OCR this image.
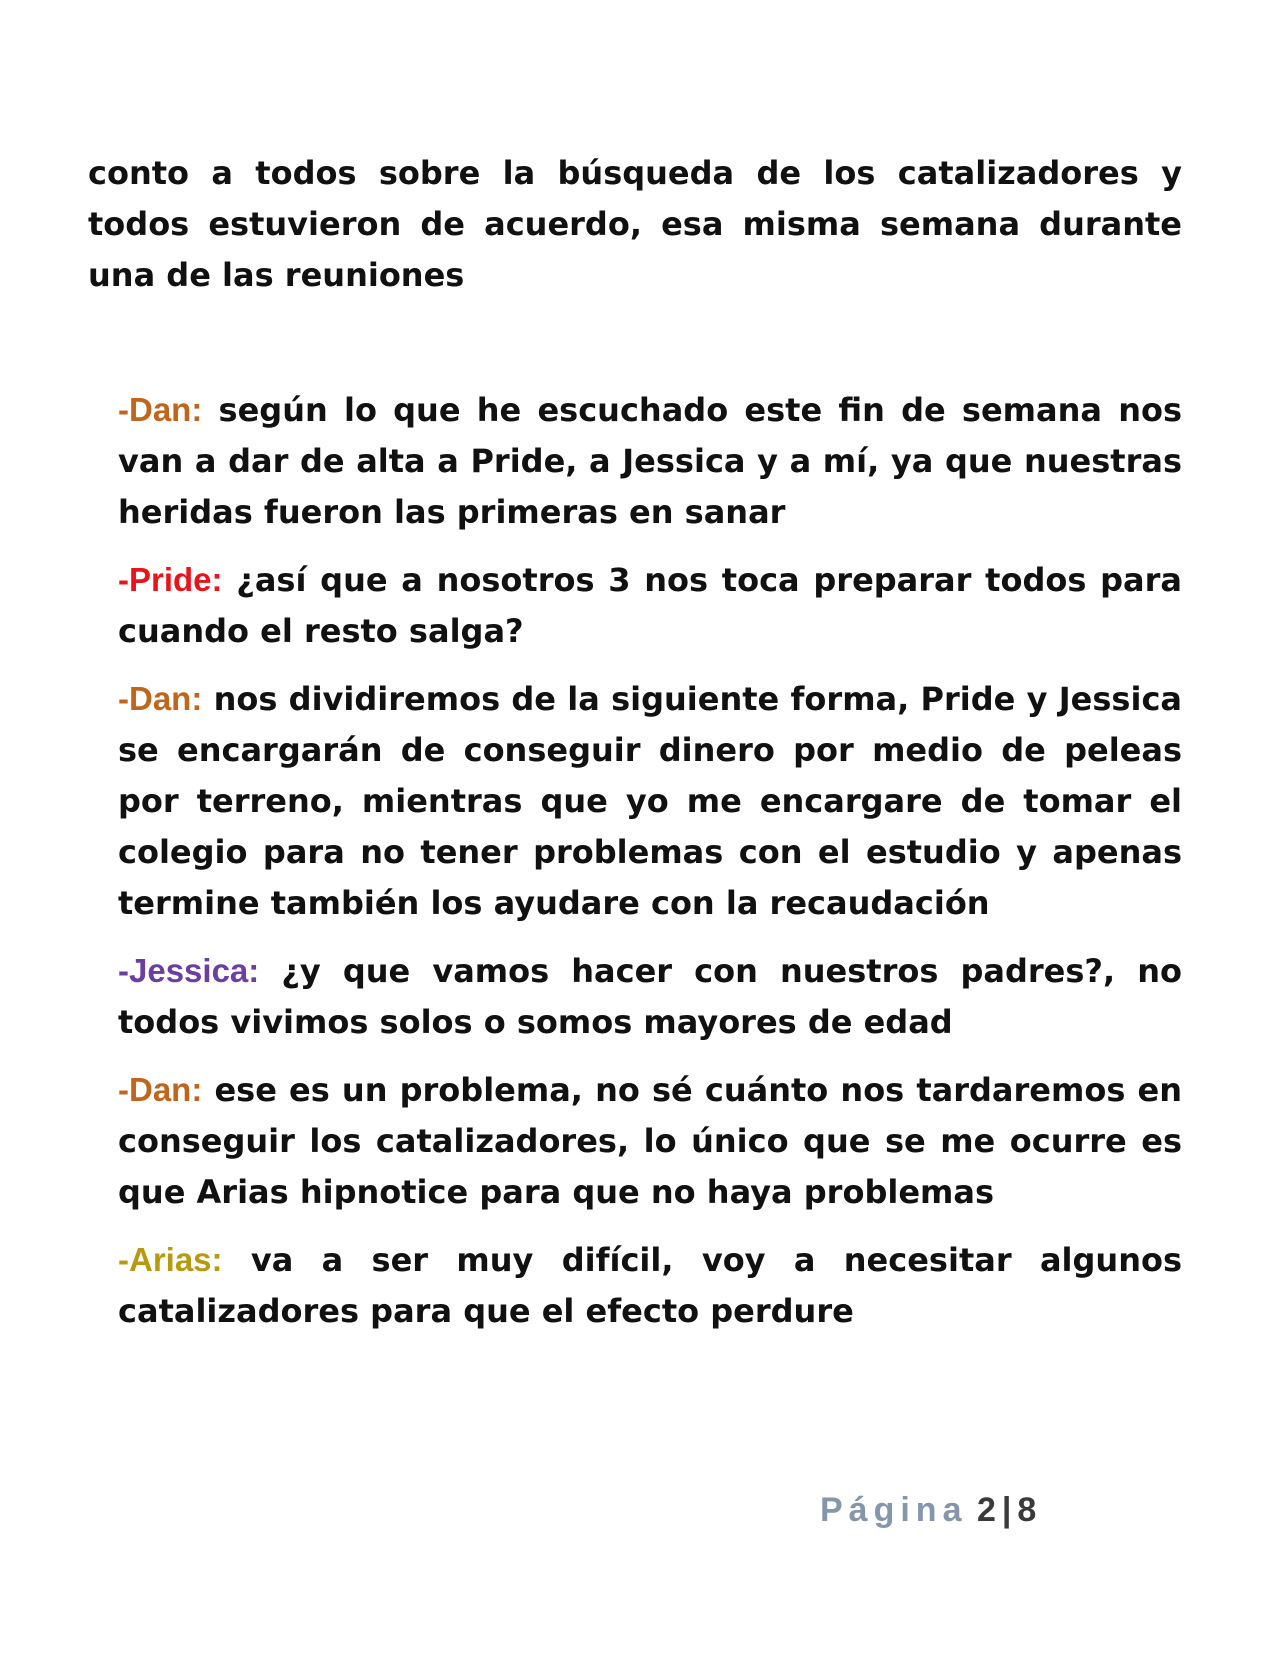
conto a todos sobre la búsqueda de los catalizadores y todos estuvieron de acuerdo, esa misma semana durante una de las reuniones

-Dan: según lo que he escuchado este fin de semana nos van a dar de alta a Pride, a Jessica y a mí, ya que nuestras heridas fueron las primeras en sanar

-Pride: ¿así que a nosotros 3 nos toca preparar todos para cuando el resto salga?

-Dan: nos dividiremos de la siguiente forma, Pride y Jessica se encargarán de conseguir dinero por medio de peleas por terreno, mientras que yo me encargare de tomar el colegio para no tener problemas con el estudio y apenas termine también los ayudare con la recaudación

-Jessica: ¿y que vamos hacer con nuestros padres?, no todos vivimos solos o somos mayores de edad

-Dan: ese es un problema, no sé cuánto nos tardaremos en conseguir los catalizadores, lo único que se me ocurre es que Arias hipnotice para que no haya problemas

-Arias: va a ser muy difícil, voy a necesitar algunos catalizadores para que el efecto perdure

Página 2 | 8
